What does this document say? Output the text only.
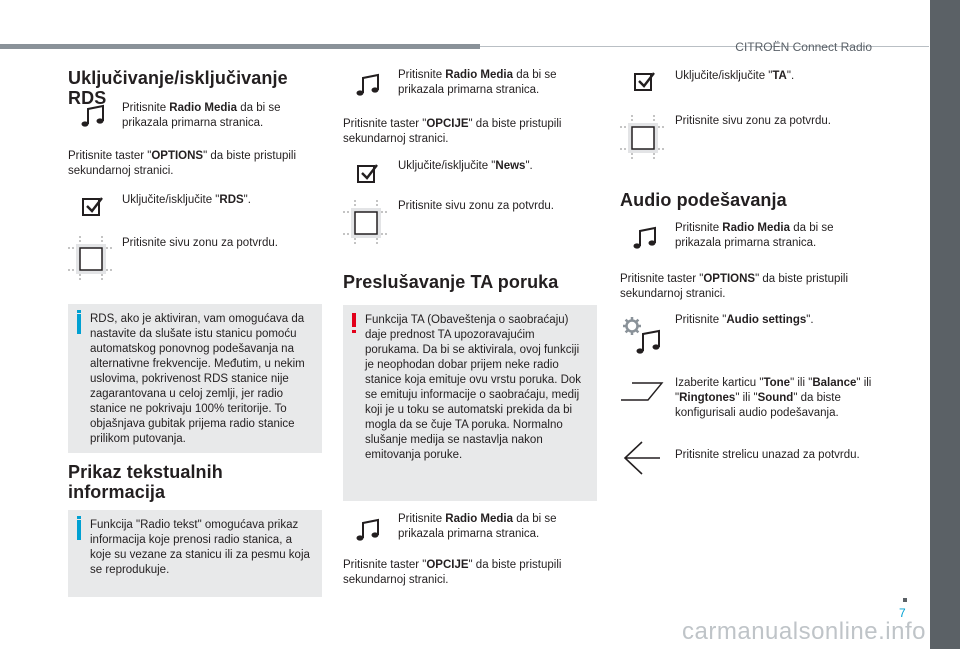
CITROËN Connect Radio
7
carmanualsonline.info
Uključivanje/isključivanje RDS	Pritisnite Radio Media da bi se prikazala primarna stranica.

Pritisnite taster "OPTIONS" da biste pristupili sekundarnoj stranici.

Uključite/isključite "RDS".
Pritisnite sivu zonu za potvrdu.
RDS, ako je aktiviran, vam omogućava da nastavite da slušate istu stanicu pomoću automatskog ponovnog podešavanja na alternativne frekvencije. Međutim, u nekim uslovima, pokrivenost RDS stanice nije zagarantovana u celoj zemlji, jer radio stanice ne pokrivaju 100% teritorije. To objašnjava gubitak prijema radio stanice prilikom putovanja.
Prikaz tekstualnih
informacija
Funkcija "Radio tekst" omogućava prikaz informacija koje prenosi radio stanica, a koje su vezane za stanicu ili za pesmu koja se reprodukuje.
Pritisnite Radio Media da bi se prikazala primarna stranica.

Pritisnite taster "OPCIJE" da biste pristupili sekundarnoj stranici.

Uključite/isključite "News".
Pritisnite sivu zonu za potvrdu.
Preslušavanje TA poruka
Funkcija TA (Obaveštenja o saobraćaju) daje prednost TA upozoravajućim porukama. Da bi se aktivirala, ovoj funkciji je neophodan dobar prijem neke radio stanice koja emituje ovu vrstu poruka. Dok se emituju informacije o saobraćaju, medij koji je u toku se automatski prekida da bi mogla da se čuje TA poruka. Normalno slušanje medija se nastavlja nakon emitovanja poruke.
Pritisnite Radio Media da bi se prikazala primarna stranica.

Pritisnite taster "OPCIJE" da biste pristupili sekundarnoj stranici.

Uključite/isključite "TA".
Pritisnite sivu zonu za potvrdu.
Audio podešavanja
Pritisnite Radio Media da bi se prikazala primarna stranica.

Pritisnite taster "OPTIONS" da biste pristupili sekundarnoj stranici.

Pritisnite "Audio settings".
Izaberite karticu "Tone" ili "Balance" ili "Ringtones" ili "Sound" da biste konfigurisali audio podešavanja.
Pritisnite strelicu unazad za potvrdu.
